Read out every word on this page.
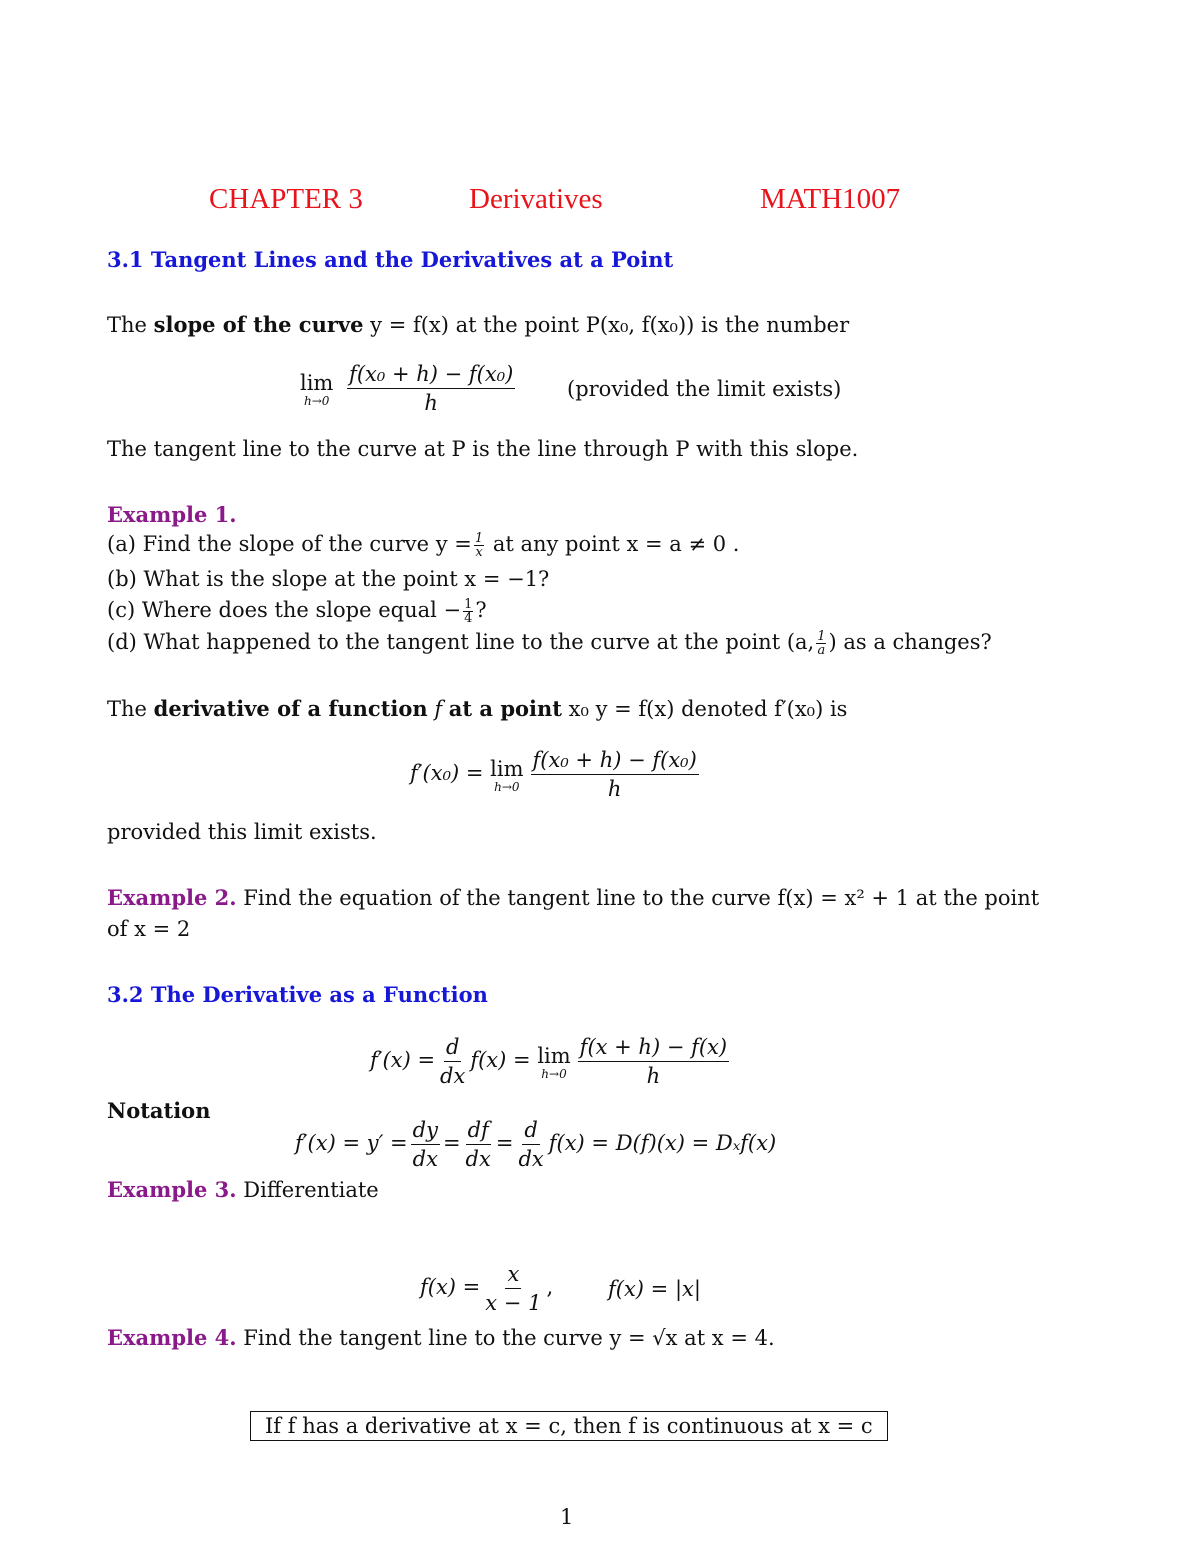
CHAPTER 3	Derivatives	MATH1007
3.1 Tangent Lines and the Derivatives at a Point
The slope of the curve y = f(x) at the point P(x₀, f(x₀)) is the number
lim
h→0
$\frac{\text{f(x₀ + h) − f(x₀)}}{h}$ (provided the limit exists)
The tangent line to the curve at P is the line through P with this slope.
Example 1.
(a) Find the slope of the curve $y = \frac{1}{x}$ at any point x = a ≠ 0 .
(b) What is the slope at the point x = −1?
(c) Where does the slope equal − $\frac{1}{4}$ ?
(d) What happened to the tangent line to the curve at the point (a, $\frac{1}{a}$ ) as a changes?
The derivative of a function f at a point x₀ y = f(x) denoted f′(x₀) is
f′(x₀) = lim
$h\to 0 \frac{\text{f(x₀ + h) − f(x₀)}}{h}$
provided this limit exists.
Example 2. Find the equation of the tangent line to the curve f(x) = x² + 1 at the point
of x = 2
3.2 The Derivative as a Function
$f'(x) = \frac{d}{dx} f(x) = \lim$
$h\to 0 \frac{f(x + h) - f(x)}{h}$
Notation
$f'(x) = y' = \frac{dy}{dx} = \frac{df}{dx} = \frac{d}{dx} f(x) = D(f)(x) = D_xf(x)$
Example 3. Differentiate
$f(x) = \frac{x}{x - 1}$ ,	f(x) = |x|
Example 4. Find the tangent line to the curve y = √x at x = 4.
If f has a derivative at x = c, then f is continuous at x = c
1
